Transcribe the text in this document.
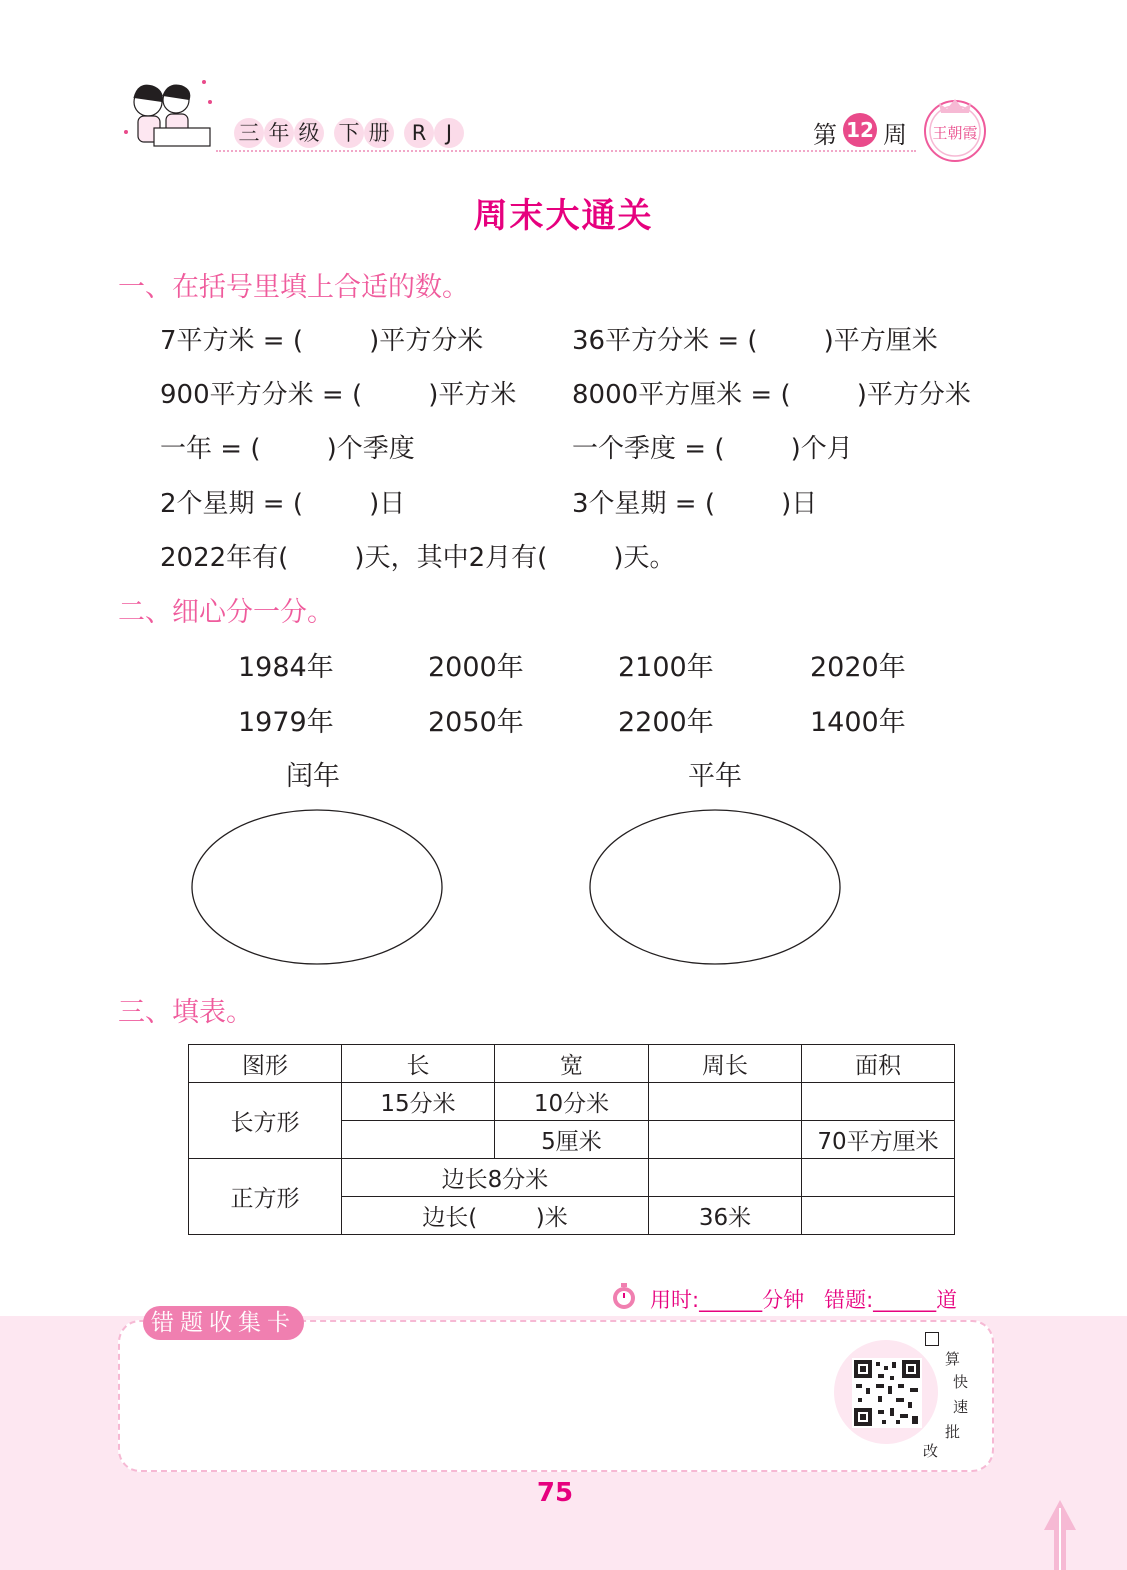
三 年 级 下 册	R J	第 12 周 王朝霞
周末大通关
一、在括号里填上合适的数。
7平方米 = (        )平方分米	36平方分米 = (        )平方厘米
900平方分米 = (        )平方米 8000平方厘米 = (        )平方分米
一年 = (        )个季度	一个季度 = (        )个月
2个星期 = (        )日	3个星期 = (        )日
2022年有(        )天，其中2月有(        )天。
二、细心分一分。
1984年	2000年	2100年	2020年
1979年	2050年	2200年	1400年
闰年	平年
三、填表。
图形	长	宽	周长	面积
长方形	15分米	10分米		
		5厘米		70平方厘米
正方形	边长8分米			
	边长(        )米		36米	
用时:______分钟   错题:______道
错题收集卡
算
快
速
批
改
75
